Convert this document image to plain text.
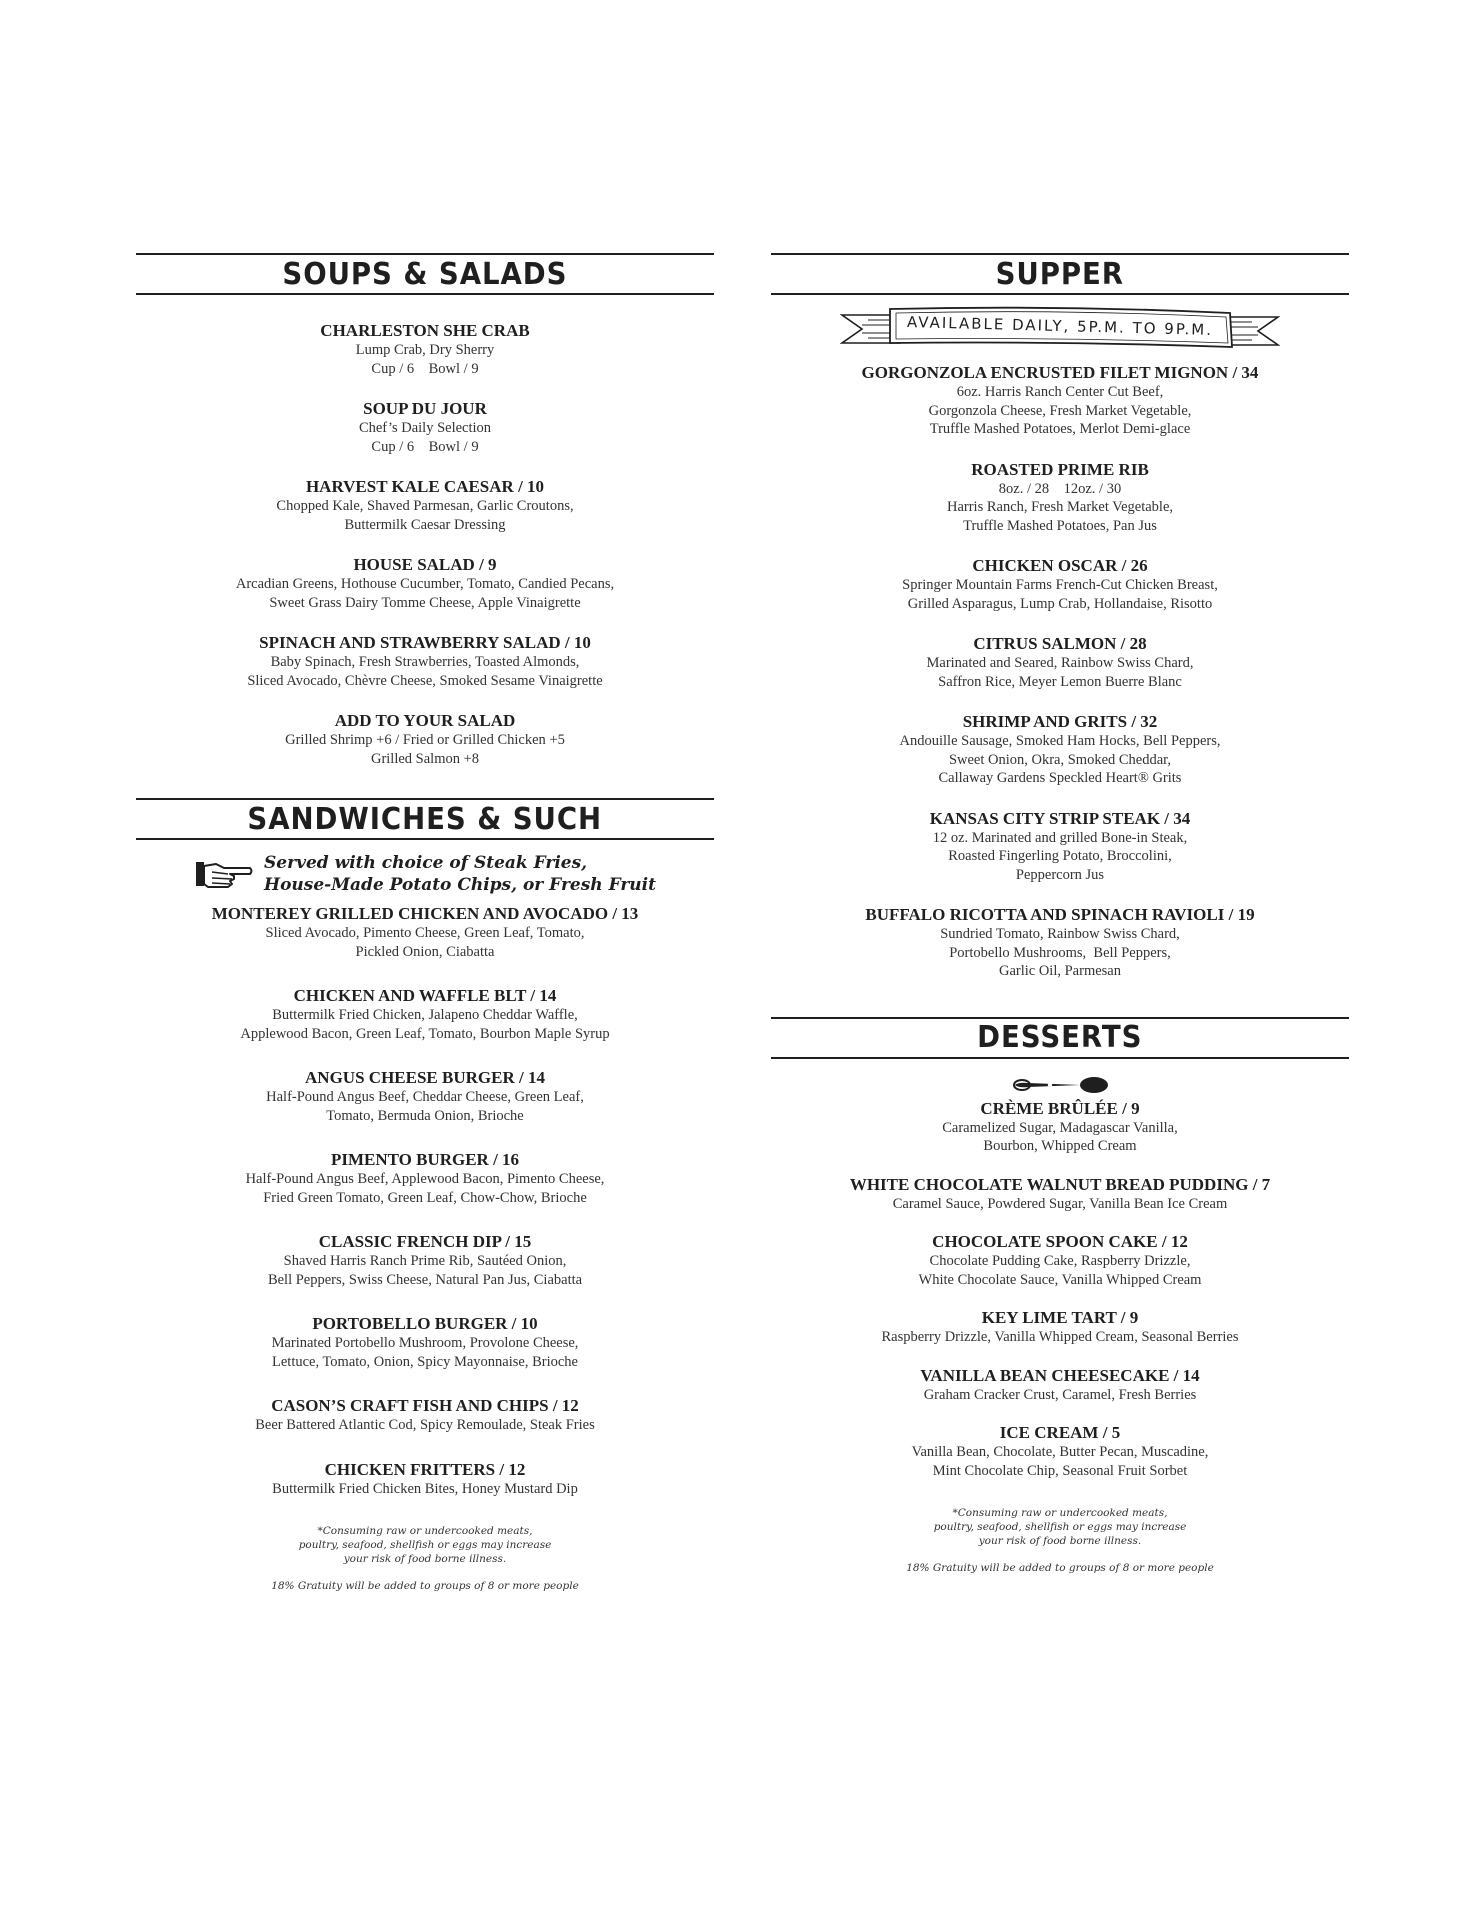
SOUPS & SALADS
CHARLESTON SHE CRAB
Lump Crab, Dry Sherry
Cup / 6    Bowl / 9
SOUP DU JOUR
Chef’s Daily Selection
Cup / 6    Bowl / 9
HARVEST KALE CAESAR / 10
Chopped Kale, Shaved Parmesan, Garlic Croutons,
Buttermilk Caesar Dressing
HOUSE SALAD / 9
Arcadian Greens, Hothouse Cucumber, Tomato, Candied Pecans,
Sweet Grass Dairy Tomme Cheese, Apple Vinaigrette
SPINACH AND STRAWBERRY SALAD / 10
Baby Spinach, Fresh Strawberries, Toasted Almonds,
Sliced Avocado, Chèvre Cheese, Smoked Sesame Vinaigrette
ADD TO YOUR SALAD
Grilled Shrimp +6 / Fried or Grilled Chicken +5
Grilled Salmon +8
SANDWICHES & SUCH
Served with choice of Steak Fries,
House-Made Potato Chips, or Fresh Fruit
MONTEREY GRILLED CHICKEN AND AVOCADO / 13
Sliced Avocado, Pimento Cheese, Green Leaf, Tomato,
Pickled Onion, Ciabatta
CHICKEN AND WAFFLE BLT / 14
Buttermilk Fried Chicken, Jalapeno Cheddar Waffle,
Applewood Bacon, Green Leaf, Tomato, Bourbon Maple Syrup
ANGUS CHEESE BURGER / 14
Half-Pound Angus Beef, Cheddar Cheese, Green Leaf,
Tomato, Bermuda Onion, Brioche
PIMENTO BURGER / 16
Half-Pound Angus Beef, Applewood Bacon, Pimento Cheese,
Fried Green Tomato, Green Leaf, Chow-Chow, Brioche
CLASSIC FRENCH DIP / 15
Shaved Harris Ranch Prime Rib, Sautéed Onion,
Bell Peppers, Swiss Cheese, Natural Pan Jus, Ciabatta
PORTOBELLO BURGER / 10
Marinated Portobello Mushroom, Provolone Cheese,
Lettuce, Tomato, Onion, Spicy Mayonnaise, Brioche
CASON’S CRAFT FISH AND CHIPS / 12
Beer Battered Atlantic Cod, Spicy Remoulade, Steak Fries
CHICKEN FRITTERS / 12
Buttermilk Fried Chicken Bites, Honey Mustard Dip
*Consuming raw or undercooked meats,
poultry, seafood, shellfish or eggs may increase
your risk of food borne illness.
18% Gratuity will be added to groups of 8 or more people
SUPPER
AVAILABLE DAILY, 5P.M. TO 9P.M.
GORGONZOLA ENCRUSTED FILET MIGNON / 34
6oz. Harris Ranch Center Cut Beef,
Gorgonzola Cheese, Fresh Market Vegetable,
Truffle Mashed Potatoes, Merlot Demi-glace
ROASTED PRIME RIB
8oz. / 28    12oz. / 30
Harris Ranch, Fresh Market Vegetable,
Truffle Mashed Potatoes, Pan Jus
CHICKEN OSCAR / 26
Springer Mountain Farms French-Cut Chicken Breast,
Grilled Asparagus, Lump Crab, Hollandaise, Risotto
CITRUS SALMON / 28
Marinated and Seared, Rainbow Swiss Chard,
Saffron Rice, Meyer Lemon Buerre Blanc
SHRIMP AND GRITS / 32
Andouille Sausage, Smoked Ham Hocks, Bell Peppers,
Sweet Onion, Okra, Smoked Cheddar,
Callaway Gardens Speckled Heart® Grits
KANSAS CITY STRIP STEAK / 34
12 oz. Marinated and grilled Bone-in Steak,
Roasted Fingerling Potato, Broccolini,
Peppercorn Jus
BUFFALO RICOTTA AND SPINACH RAVIOLI / 19
Sundried Tomato, Rainbow Swiss Chard,
Portobello Mushrooms,  Bell Peppers,
Garlic Oil, Parmesan
DESSERTS
CRÈME BRÛLÉE / 9
Caramelized Sugar, Madagascar Vanilla,
Bourbon, Whipped Cream
WHITE CHOCOLATE WALNUT BREAD PUDDING / 7
Caramel Sauce, Powdered Sugar, Vanilla Bean Ice Cream
CHOCOLATE SPOON CAKE / 12
Chocolate Pudding Cake, Raspberry Drizzle,
White Chocolate Sauce, Vanilla Whipped Cream
KEY LIME TART / 9
Raspberry Drizzle, Vanilla Whipped Cream, Seasonal Berries
VANILLA BEAN CHEESECAKE / 14
Graham Cracker Crust, Caramel, Fresh Berries
ICE CREAM / 5
Vanilla Bean, Chocolate, Butter Pecan, Muscadine,
Mint Chocolate Chip, Seasonal Fruit Sorbet
*Consuming raw or undercooked meats,
poultry, seafood, shellfish or eggs may increase
your risk of food borne illness.
18% Gratuity will be added to groups of 8 or more people
